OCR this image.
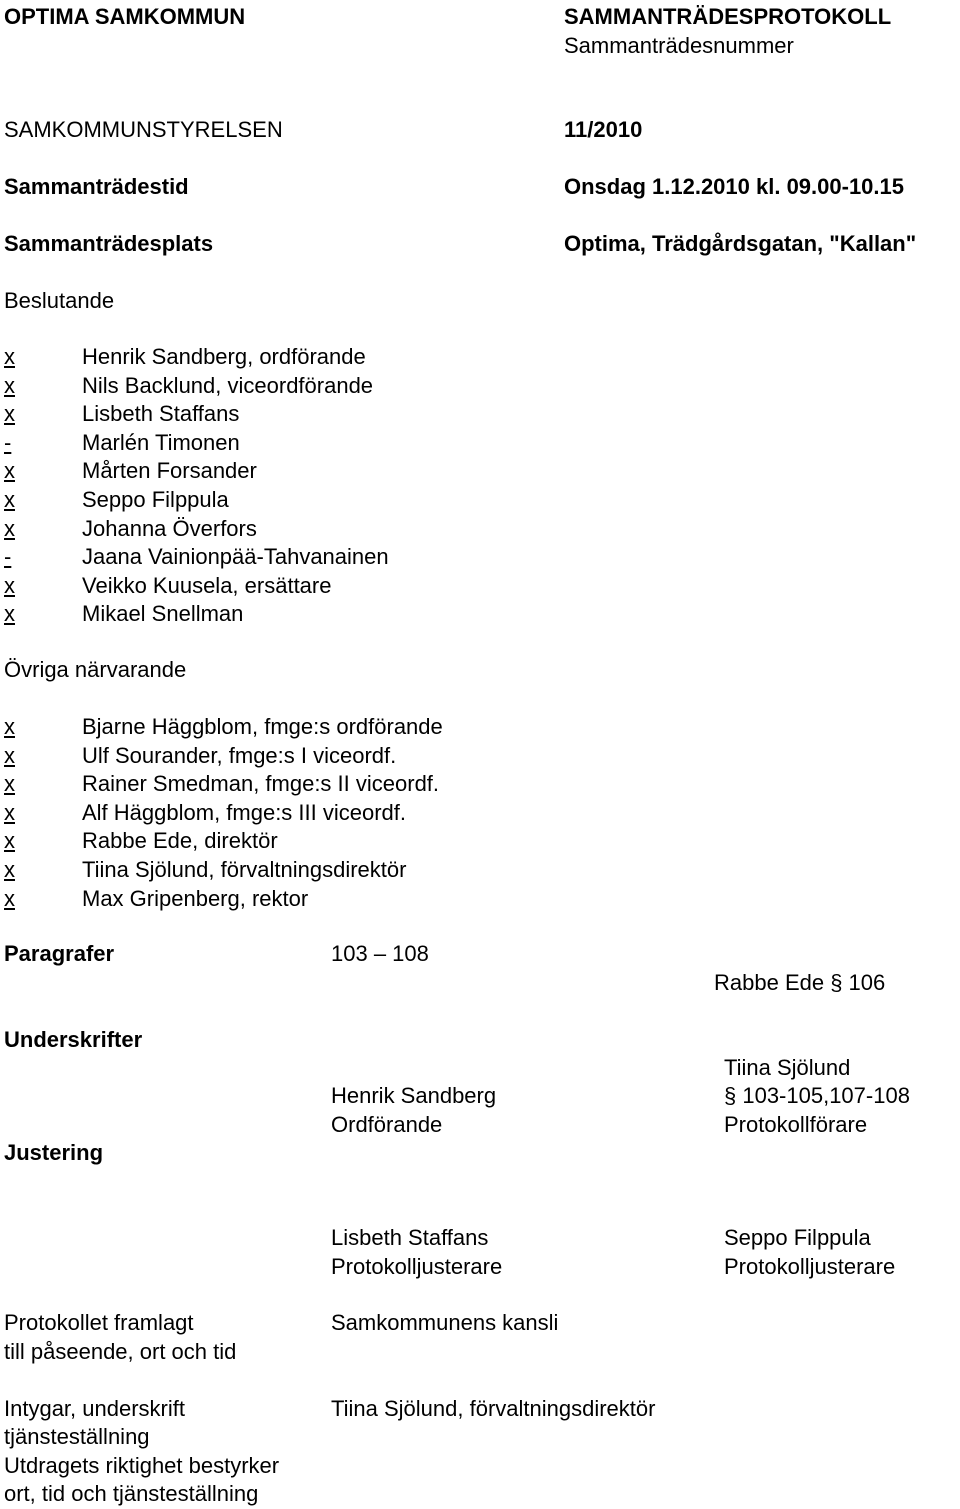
OPTIMA SAMKOMMUN	SAMMANTRÄDESPROTOKOLL
Sammanträdesnummer
SAMKOMMUNSTYRELSEN	11/2010
Sammanträdestid	Onsdag 1.12.2010 kl. 09.00-10.15
Sammanträdesplats	Optima, Trädgårdsgatan, "Kallan"
Beslutande
x	Henrik Sandberg, ordförande
x	Nils Backlund, viceordförande
x	Lisbeth Staffans
-	Marlén Timonen
x	Mårten Forsander
x	Seppo Filppula
x	Johanna Överfors
-	Jaana Vainionpää-Tahvanainen
x	Veikko Kuusela, ersättare
x	Mikael Snellman
Övriga närvarande
x	Bjarne Häggblom, fmge:s ordförande
x	Ulf Sourander, fmge:s I viceordf.
x	Rainer Smedman, fmge:s II viceordf.
x	Alf Häggblom, fmge:s III viceordf.
x	Rabbe Ede, direktör
x	Tiina Sjölund, förvaltningsdirektör
x	Max Gripenberg, rektor
Paragrafer	103 – 108
Rabbe Ede § 106
Underskrifter
Tiina Sjölund
Henrik Sandberg	§ 103-105,107-108
Ordförande	Protokollförare
Justering
Lisbeth Staffans	Seppo Filppula
Protokolljusterare	Protokolljusterare
Protokollet framlagt	Samkommunens kansli
till påseende, ort och tid
Intygar, underskrift	Tiina Sjölund, förvaltningsdirektör
tjänsteställning
Utdragets riktighet bestyrker
ort, tid och tjänsteställning
